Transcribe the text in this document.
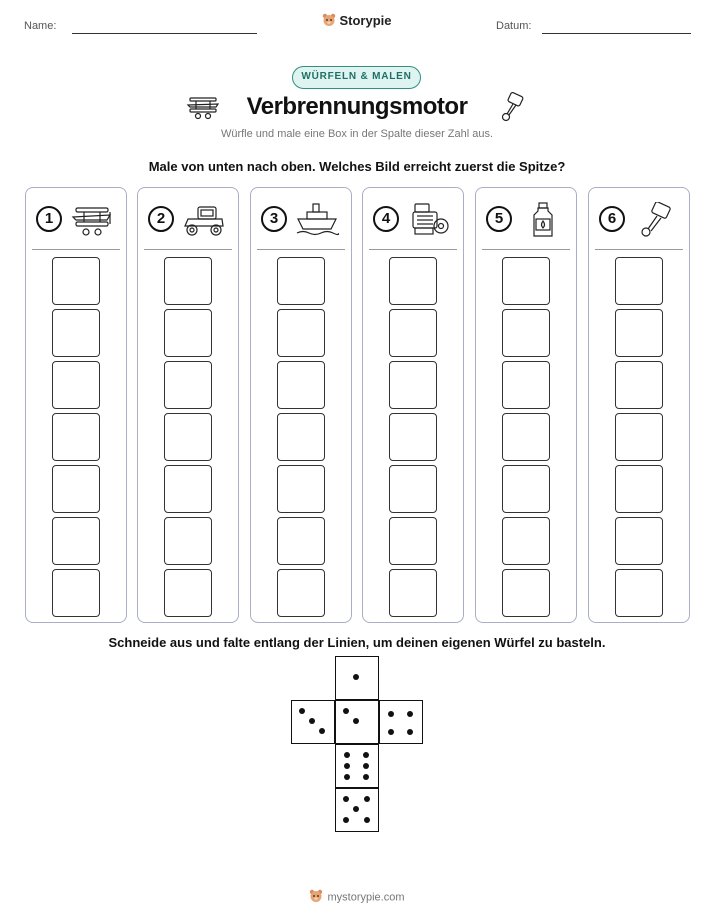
Name:	Storypie	Datum:
WÜRFELN & MALEN
Verbrennungsmotor
Würfle und male eine Box in der Spalte dieser Zahl aus.
Male von unten nach oben. Welches Bild erreicht zuerst die Spitze?
1	2	3	4	5	6
Schneide aus und falte entlang der Linien, um deinen eigenen Würfel zu basteln.
mystorypie.com
